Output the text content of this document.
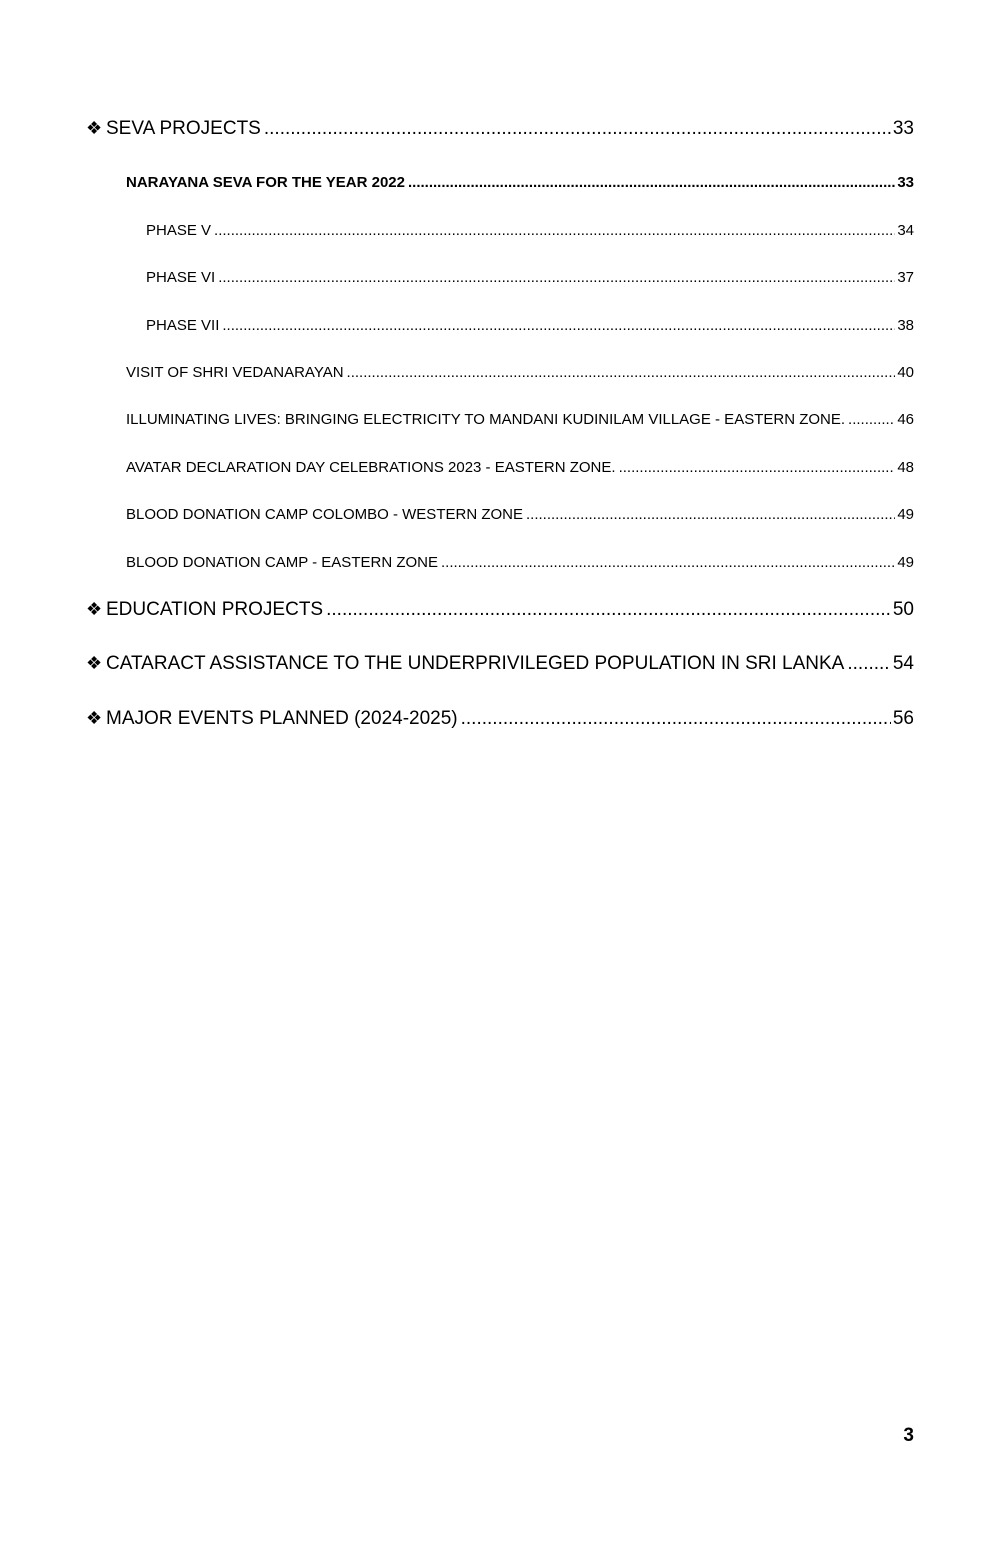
❖ SEVA PROJECTS .....	33
NARAYANA SEVA FOR THE YEAR 2022 .....	33
PHASE V .....	34
PHASE VI .....	37
PHASE VII .....	38
VISIT OF SHRI VEDANARAYAN .....	40
ILLUMINATING LIVES: BRINGING ELECTRICITY TO MANDANI KUDINILAM VILLAGE - EASTERN ZONE. .....	46
AVATAR DECLARATION DAY CELEBRATIONS 2023 - EASTERN ZONE. .....	48
BLOOD DONATION CAMP COLOMBO - WESTERN ZONE .....	49
BLOOD DONATION CAMP - EASTERN ZONE .....	49
❖ EDUCATION PROJECTS .....	50
❖ CATARACT ASSISTANCE TO THE UNDERPRIVILEGED POPULATION IN SRI LANKA .....	54
❖ MAJOR EVENTS PLANNED (2024-2025) .....	56
3
